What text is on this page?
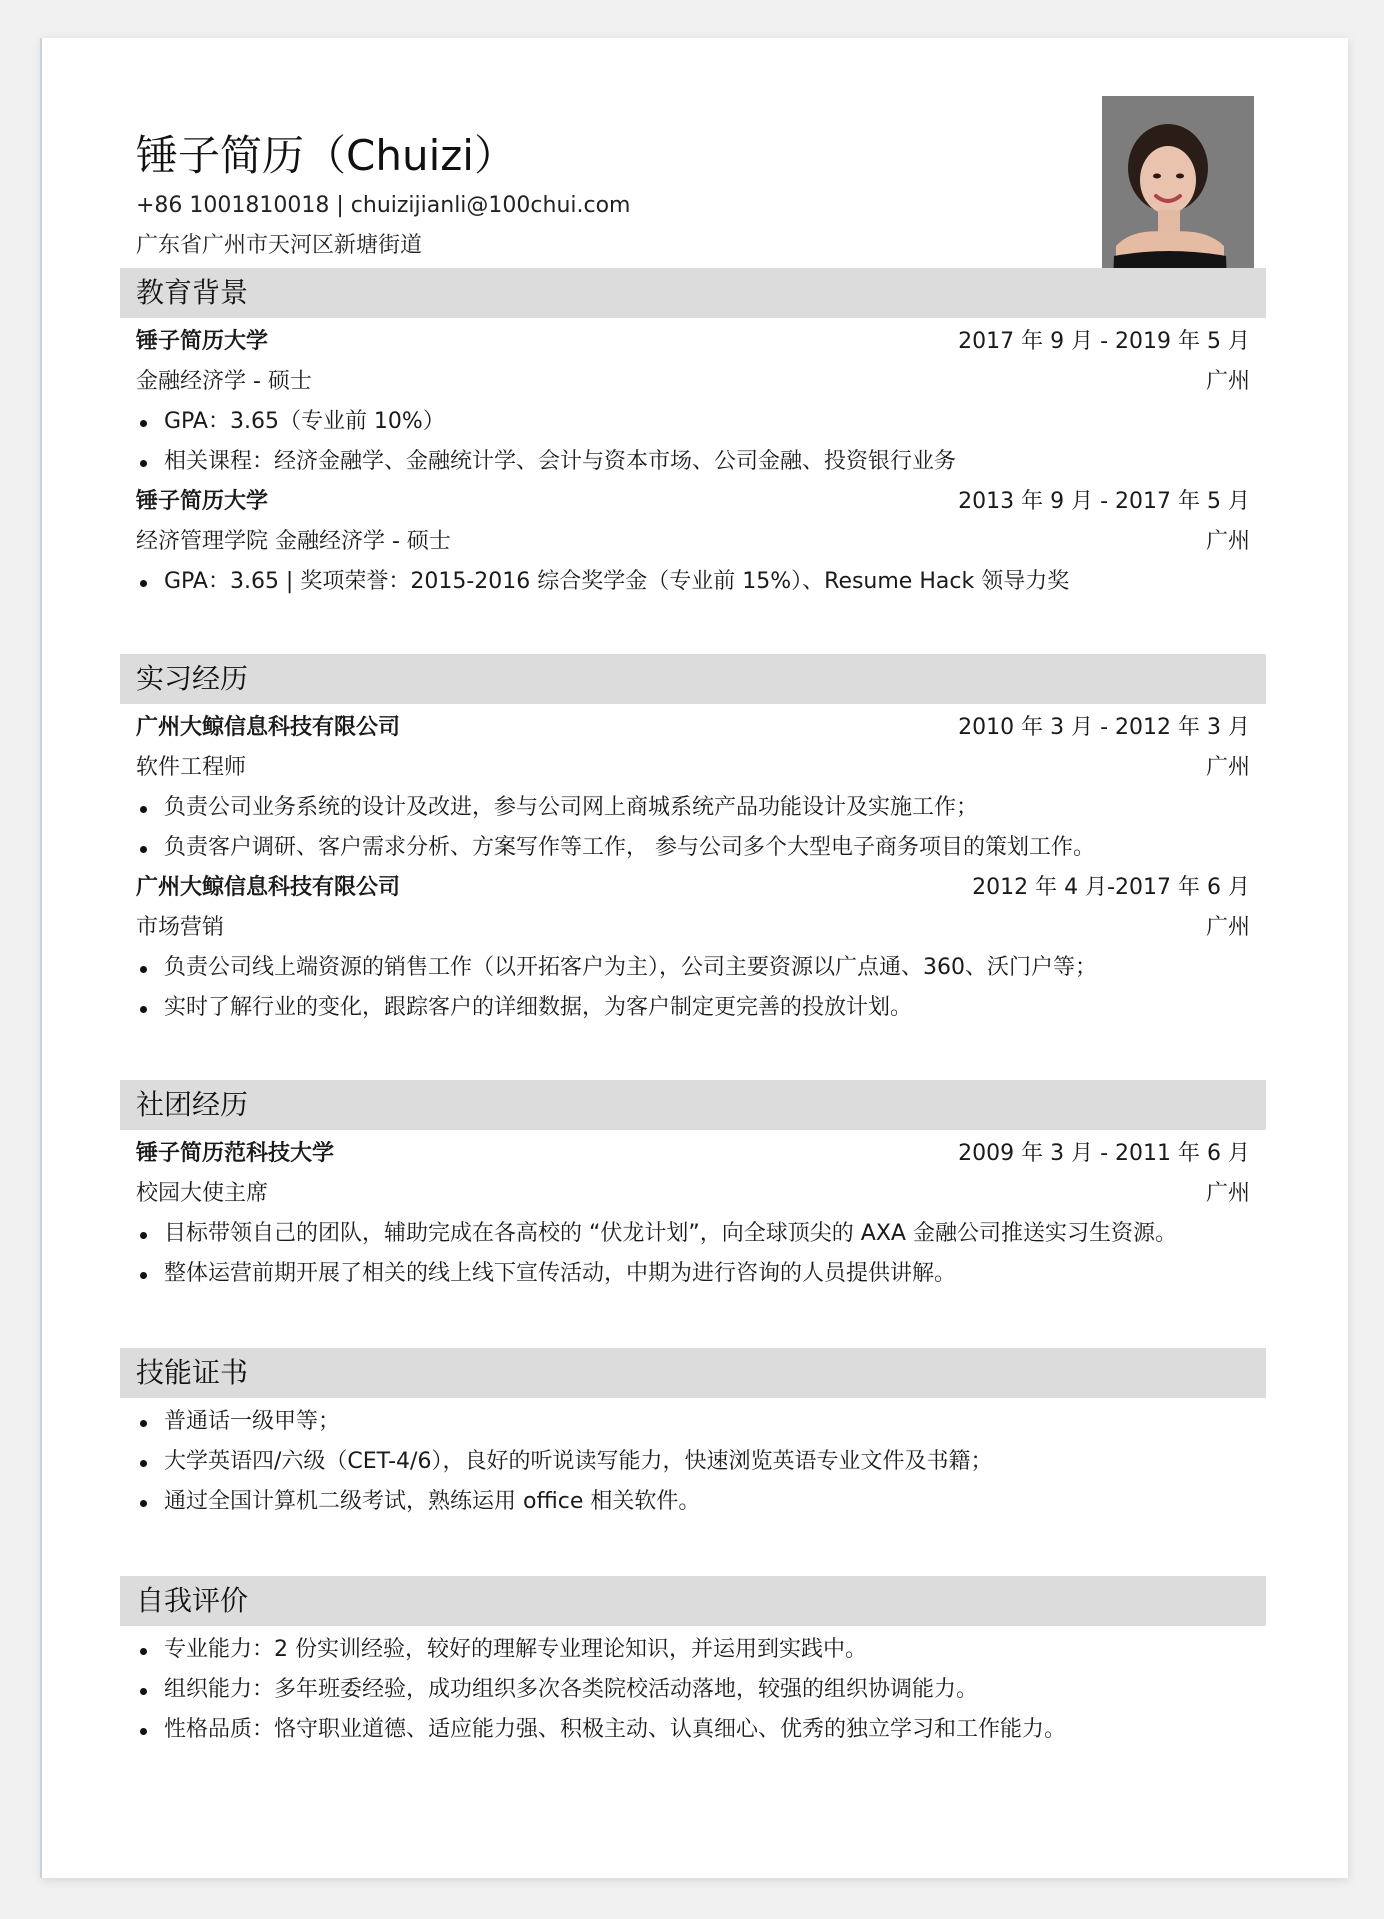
锤子简历（Chuizi）
+86 1001810018 | chuizijianli@100chui.com
广东省广州市天河区新塘街道
教育背景
锤子简历大学	2017 年 9 月 - 2019 年 5 月
金融经济学 - 硕士	广州
GPA：3.65（专业前 10%）
相关课程：经济金融学、金融统计学、会计与资本市场、公司金融、投资银行业务
锤子简历大学	2013 年 9 月 - 2017 年 5 月
经济管理学院 金融经济学 - 硕士	广州
GPA：3.65 | 奖项荣誉：2015-2016 综合奖学金（专业前 15%）、Resume Hack 领导力奖
实习经历
广州大鲸信息科技有限公司	2010 年 3 月 - 2012 年 3 月
软件工程师	广州
负责公司业务系统的设计及改进，参与公司网上商城系统产品功能设计及实施工作；
负责客户调研、客户需求分析、方案写作等工作， 参与公司多个大型电子商务项目的策划工作。
广州大鲸信息科技有限公司	2012 年 4 月-2017 年 6 月
市场营销	广州
负责公司线上端资源的销售工作（以开拓客户为主），公司主要资源以广点通、360、沃门户等；
实时了解行业的变化，跟踪客户的详细数据，为客户制定更完善的投放计划。
社团经历
锤子简历范科技大学	2009 年 3 月 - 2011 年 6 月
校园大使主席	广州
目标带领自己的团队，辅助完成在各高校的 “伏龙计划”，向全球顶尖的 AXA 金融公司推送实习生资源。
整体运营前期开展了相关的线上线下宣传活动，中期为进行咨询的人员提供讲解。
技能证书
普通话一级甲等；
大学英语四/六级（CET-4/6），良好的听说读写能力，快速浏览英语专业文件及书籍；
通过全国计算机二级考试，熟练运用 office 相关软件。
自我评价
专业能力：2 份实训经验，较好的理解专业理论知识，并运用到实践中。
组织能力：多年班委经验，成功组织多次各类院校活动落地，较强的组织协调能力。
性格品质：恪守职业道德、适应能力强、积极主动、认真细心、优秀的独立学习和工作能力。
